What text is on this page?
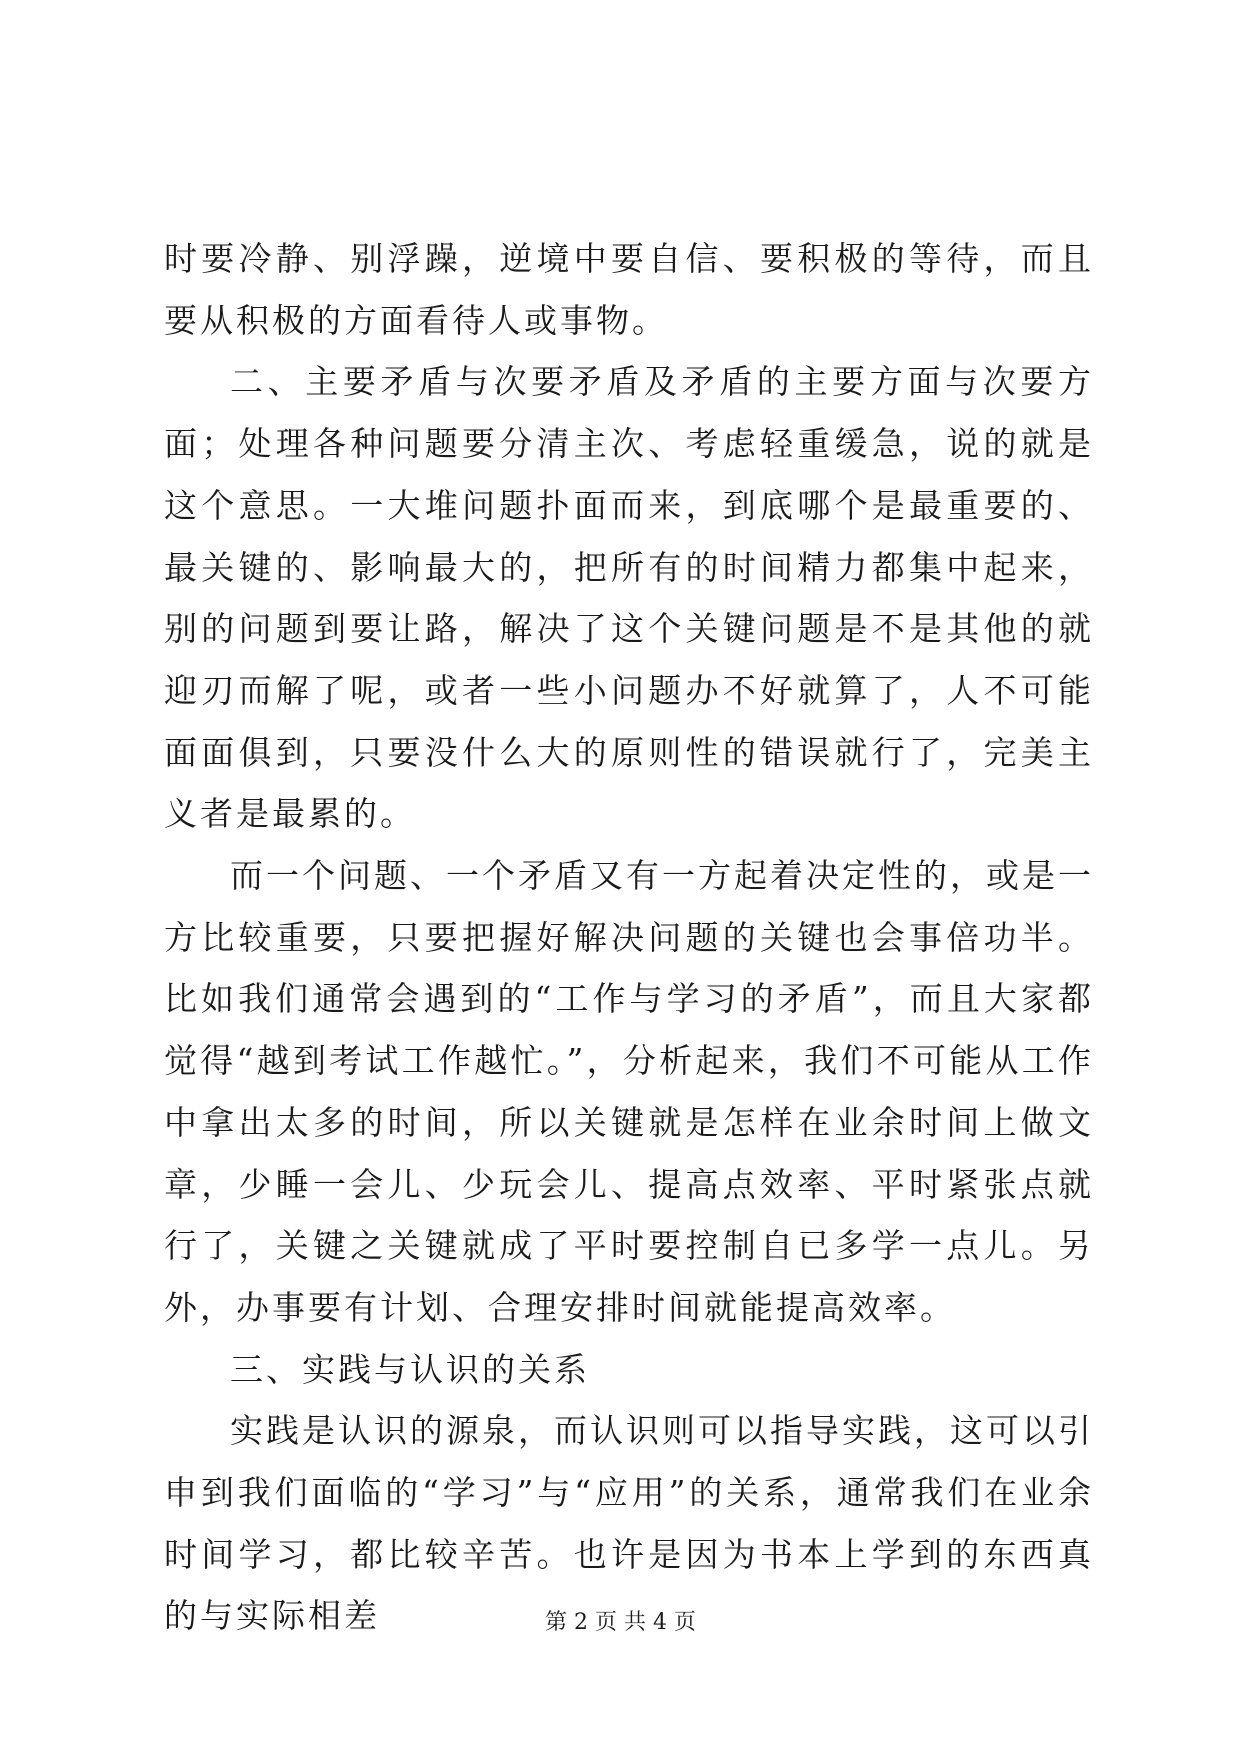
时要冷静、别浮躁，逆境中要自信、要积极的等待，而且要从积极的方面看待人或事物。

二、主要矛盾与次要矛盾及矛盾的主要方面与次要方面；处理各种问题要分清主次、考虑轻重缓急，说的就是这个意思。一大堆问题扑面而来，到底哪个是最重要的、最关键的、影响最大的，把所有的时间精力都集中起来，别的问题到要让路，解决了这个关键问题是不是其他的就迎刃而解了呢，或者一些小问题办不好就算了，人不可能面面俱到，只要没什么大的原则性的错误就行了，完美主义者是最累的。

而一个问题、一个矛盾又有一方起着决定性的，或是一方比较重要，只要把握好解决问题的关键也会事倍功半。比如我们通常会遇到的“工作与学习的矛盾”，而且大家都觉得“越到考试工作越忙。”，分析起来，我们不可能从工作中拿出太多的时间，所以关键就是怎样在业余时间上做文章，少睡一会儿、少玩会儿、提高点效率、平时紧张点就行了，关键之关键就成了平时要控制自已多学一点儿。另外，办事要有计划、合理安排时间就能提高效率。

三、实践与认识的关系

实践是认识的源泉，而认识则可以指导实践，这可以引申到我们面临的“学习”与“应用”的关系，通常我们在业余时间学习，都比较辛苦。也许是因为书本上学到的东西真的与实际相差	第 2 页 共 4 页
